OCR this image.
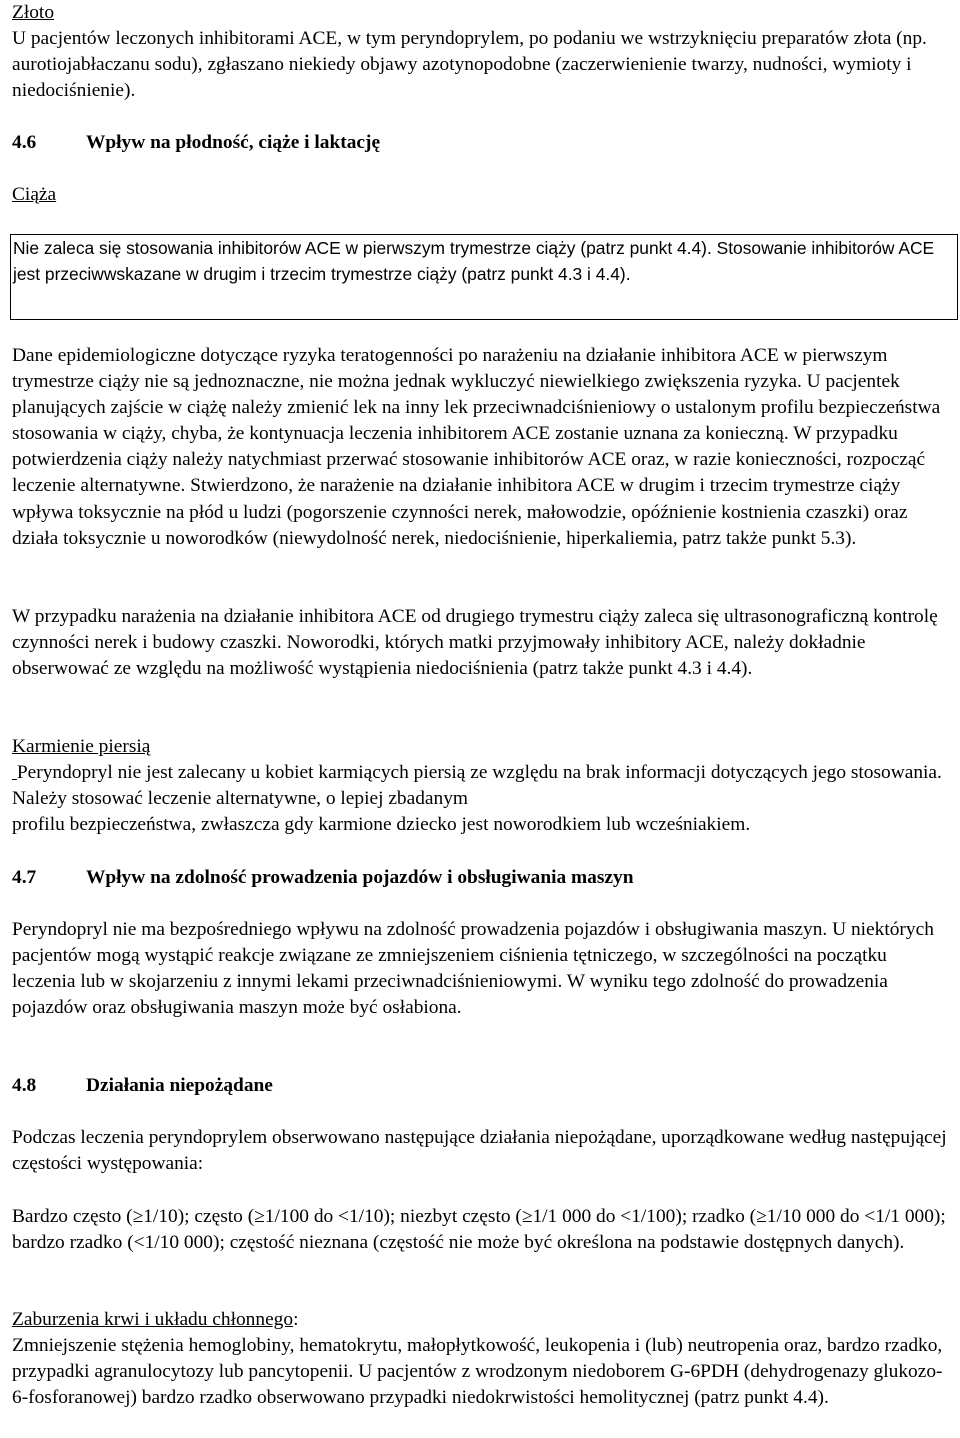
Złoto
U pacjentów leczonych inhibitorami ACE, w tym peryndoprylem, po podaniu we wstrzyknięciu preparatów złota (np. aurotiojabłaczanu sodu), zgłaszano niekiedy objawy azotynopodobne (zaczerwienienie twarzy, nudności, wymioty i niedociśnienie).

4.6	Wpływ na płodność, ciąże i laktację

Ciąża

Nie zaleca się stosowania inhibitorów ACE w pierwszym trymestrze ciąży (patrz punkt 4.4). Stosowanie inhibitorów ACE jest przeciwwskazane w drugim i trzecim trymestrze ciąży (patrz punkt 4.3 i 4.4).

Dane epidemiologiczne dotyczące ryzyka teratogenności po narażeniu na działanie inhibitora ACE w pierwszym trymestrze ciąży nie są jednoznaczne, nie można jednak wykluczyć niewielkiego zwiększenia ryzyka. U pacjentek planujących zajście w ciążę należy zmienić lek na inny lek przeciwnadciśnieniowy o ustalonym profilu bezpieczeństwa stosowania w ciąży, chyba, że kontynuacja leczenia inhibitorem ACE zostanie uznana za konieczną. W przypadku potwierdzenia ciąży należy natychmiast przerwać stosowanie inhibitorów ACE oraz, w razie konieczności, rozpocząć leczenie alternatywne. Stwierdzono, że narażenie na działanie inhibitora ACE w drugim i trzecim trymestrze ciąży wpływa toksycznie na płód u ludzi (pogorszenie czynności nerek, małowodzie, opóźnienie kostnienia czaszki) oraz działa toksycznie u noworodków (niewydolność nerek, niedociśnienie, hiperkaliemia, patrz także punkt 5.3).

W przypadku narażenia na działanie inhibitora ACE od drugiego trymestru ciąży zaleca się ultrasonograficzną kontrolę czynności nerek i budowy czaszki. Noworodki, których matki przyjmowały inhibitory ACE, należy dokładnie obserwować ze względu na możliwość wystąpienia niedociśnienia (patrz także punkt 4.3 i 4.4).

Karmienie piersią

Peryndopryl nie jest zalecany u kobiet karmiących piersią ze względu na brak informacji dotyczących jego stosowania. Należy stosować leczenie alternatywne, o lepiej zbadanym
profilu bezpieczeństwa, zwłaszcza gdy karmione dziecko jest noworodkiem lub wcześniakiem.

4.7	Wpływ na zdolność prowadzenia pojazdów i obsługiwania maszyn

Peryndopryl nie ma bezpośredniego wpływu na zdolność prowadzenia pojazdów i obsługiwania maszyn. U niektórych pacjentów mogą wystąpić reakcje związane ze zmniejszeniem ciśnienia tętniczego, w szczególności na początku leczenia lub w skojarzeniu z innymi lekami przeciwnadciśnieniowymi. W wyniku tego zdolność do prowadzenia pojazdów oraz obsługiwania maszyn może być osłabiona.

4.8	Działania niepożądane

Podczas leczenia peryndoprylem obserwowano następujące działania niepożądane, uporządkowane według następującej częstości występowania:

Bardzo często (≥1/10); często (≥1/100 do <1/10); niezbyt często (≥1/1 000 do <1/100); rzadko (≥1/10 000 do <1/1 000); bardzo rzadko (<1/10 000); częstość nieznana (częstość nie może być określona na podstawie dostępnych danych).

Zaburzenia krwi i układu chłonnego:
Zmniejszenie stężenia hemoglobiny, hematokrytu, małopłytkowość, leukopenia i (lub) neutropenia oraz, bardzo rzadko, przypadki agranulocytozy lub pancytopenii. U pacjentów z wrodzonym niedoborem G-6PDH (dehydrogenazy glukozo-6-fosforanowej) bardzo rzadko obserwowano przypadki niedokrwistości hemolitycznej (patrz punkt 4.4).
